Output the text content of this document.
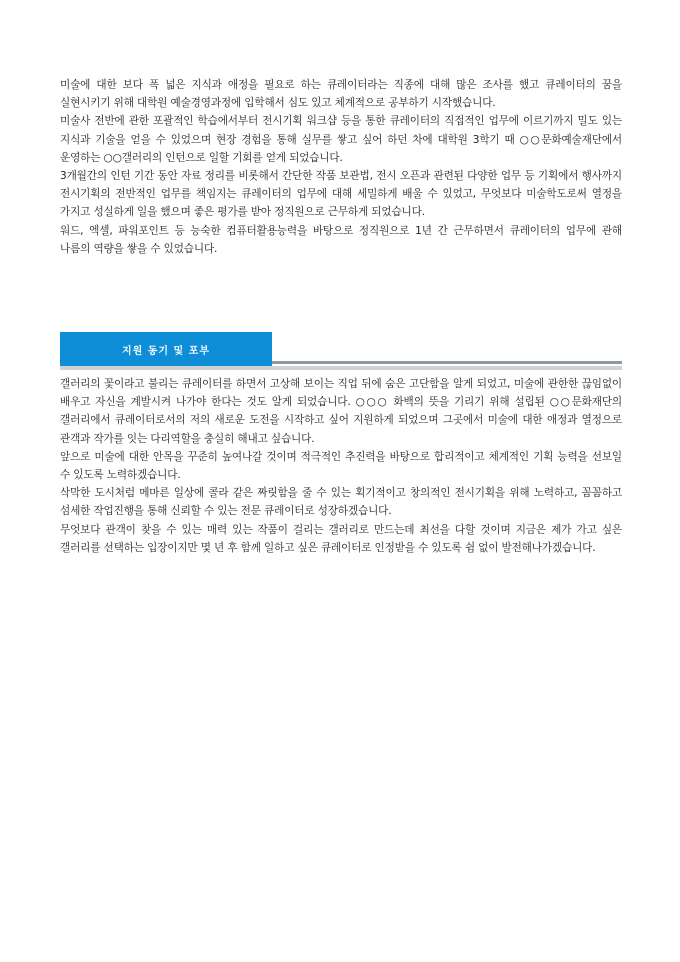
미술에 대한 보다 폭 넓은 지식과 애정을 필요로 하는 큐레이터라는 직종에 대해 많은 조사를 했고 큐레이터의 꿈을 실현시키기 위해 대학원 예술경영과정에 입학해서 심도 있고 체계적으로 공부하기 시작했습니다.

미술사 전반에 관한 포괄적인 학습에서부터 전시기획 워크샵 등을 통한 큐레이터의 직접적인 업무에 이르기까지 밀도 있는 지식과 기술을 얻을 수 있었으며 현장 경험을 통해 실무를 쌓고 싶어 하던 차에 대학원 3학기 때 ○○문화예술재단에서 운영하는 ○○갤러리의 인턴으로 일할 기회를 얻게 되었습니다.

3개월간의 인턴 기간 동안 자료 정리를 비롯해서 간단한 작품 보관법, 전시 오픈과 관련된 다양한 업무 등 기획에서 행사까지 전시기획의 전반적인 업무를 책임지는 큐레이터의 업무에 대해 세밀하게 배울 수 있었고, 무엇보다 미술학도로써 열정을 가지고 성실하게 일을 했으며 좋은 평가를 받아 정직원으로 근무하게 되었습니다.

워드, 엑셀, 파워포인트 등 능숙한 컴퓨터활용능력을 바탕으로 정직원으로 1년 간 근무하면서 큐레이터의 업무에 관해 나름의 역량을 쌓을 수 있었습니다.

지원 동기 및 포부

갤러리의 꽃이라고 불리는 큐레이터를 하면서 고상해 보이는 직업 뒤에 숨은 고단함을 알게 되었고, 미술에 관한한 끊임없이 배우고 자신을 계발시켜 나가야 한다는 것도 알게 되었습니다. ○○○ 화백의 뜻을 기리기 위해 설립된 ○○문화재단의 갤러리에서 큐레이터로서의 저의 새로운 도전을 시작하고 싶어 지원하게 되었으며 그곳에서 미술에 대한 애정과 열정으로 관객과 작가를 잇는 다리역할을 충실히 해내고 싶습니다.

앞으로 미술에 대한 안목을 꾸준히 높여나갈 것이며 적극적인 추진력을 바탕으로 합리적이고 체계적인 기획 능력을 선보일 수 있도록 노력하겠습니다.

삭막한 도시처럼 메마른 일상에 콜라 같은 짜릿함을 줄 수 있는 획기적이고 창의적인 전시기획을 위해 노력하고, 꼼꼼하고 섬세한 작업진행을 통해 신뢰할 수 있는 전문 큐레이터로 성장하겠습니다.

무엇보다 관객이 찾을 수 있는 매력 있는 작품이 걸리는 갤러리로 만드는데 최선을 다할 것이며 지금은 제가 가고 싶은 갤러리를 선택하는 입장이지만 몇 년 후 함께 일하고 싶은 큐레이터로 인정받을 수 있도록 쉼 없이 발전해나가겠습니다.
